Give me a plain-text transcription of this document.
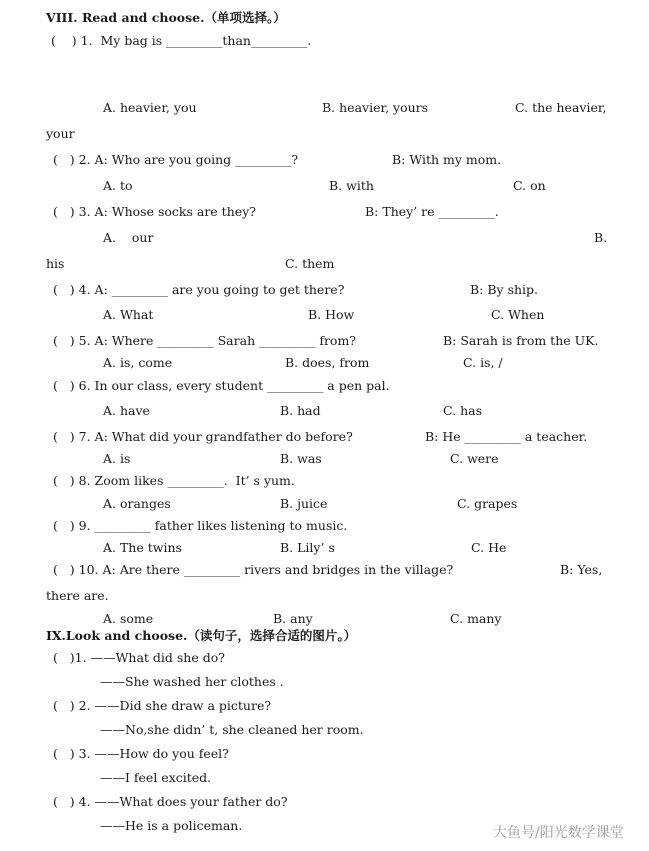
VIII. Read and choose.（单项选择。）
(    ) 1.  My bag is _________than_________.
A. heavier, you	B. heavier, yours	C. the heavier,
your
(   ) 2. A: Who are you going _________?	B: With my mom.
A. to	B. with	C. on
(   ) 3. A: Whose socks are they?	B: They’ re _________.
A.    our	B.
his	C. them
(   ) 4. A: _________ are you going to get there?	B: By ship.
A. What	B. How	C. When
(   ) 5. A: Where _________ Sarah _________ from?	B: Sarah is from the UK.
A. is, come	B. does, from	C. is, /
(   ) 6. In our class, every student _________ a pen pal.
A. have	B. had	C. has
(   ) 7. A: What did your grandfather do before?	B: He _________ a teacher.
A. is	B. was	C. were
(   ) 8. Zoom likes _________.  It’ s yum.
A. oranges	B. juice	C. grapes
(   ) 9. _________ father likes listening to music.
A. The twins	B. Lily’ s	C. He
(   ) 10. A: Are there _________ rivers and bridges in the village?	B: Yes,
there are.
A. some	B. any	C. many
IX.Look and choose.（读句子，选择合适的图片。）
(   )1. ——What did she do?
——She washed her clothes .
(   ) 2. ——Did she draw a picture?
——No,she didn’ t, she cleaned her room.
(   ) 3. ——How do you feel?
——I feel excited.
(   ) 4. ——What does your father do?
——He is a policeman.	大鱼号/阳光数学课堂
